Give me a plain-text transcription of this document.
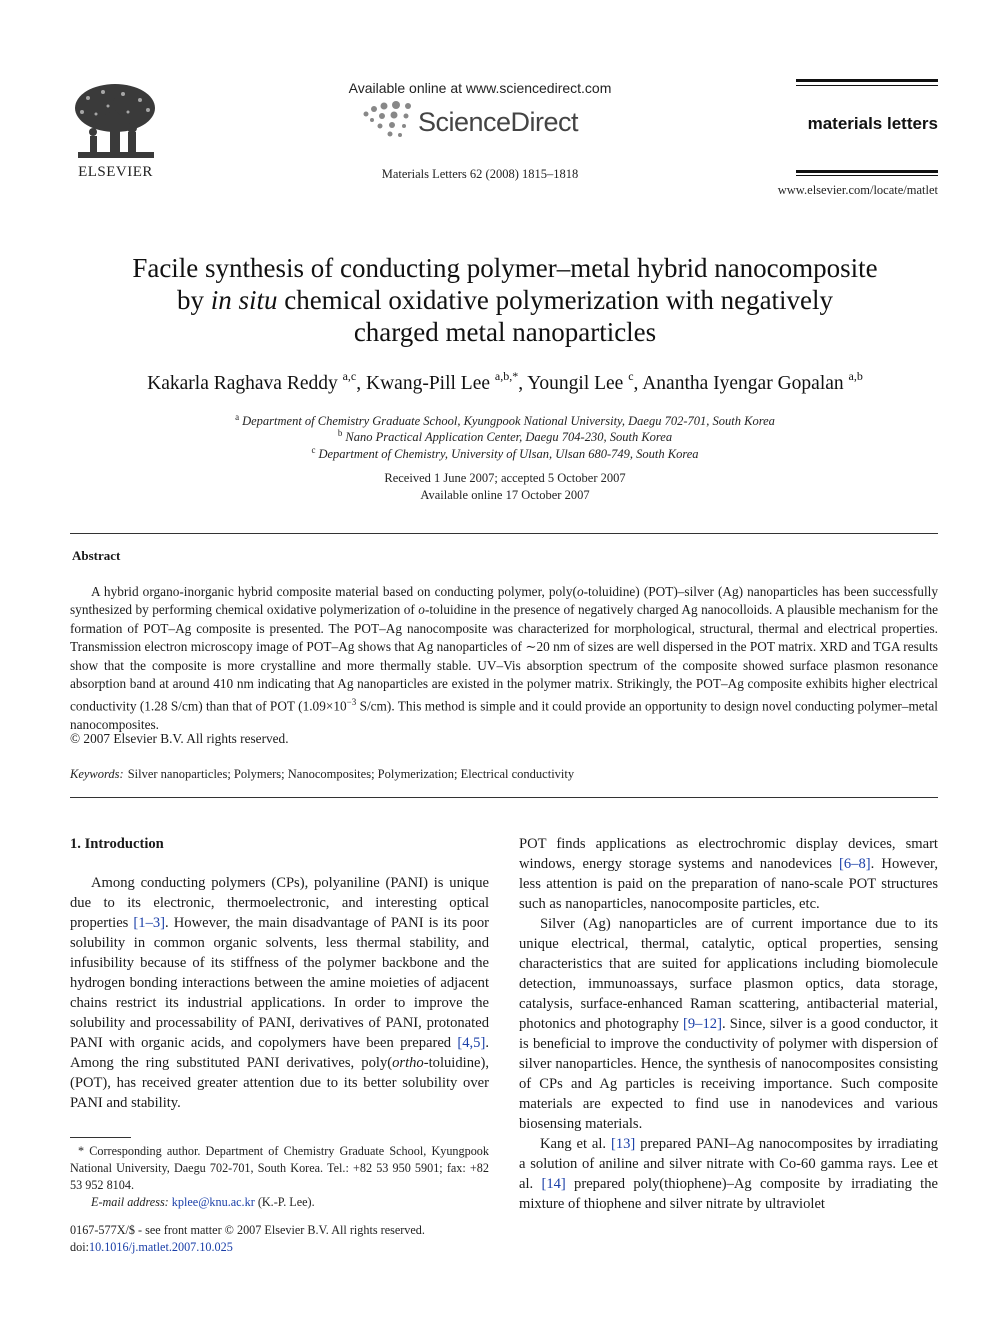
ELSEVIER
Available online at www.sciencedirect.com
ScienceDirect
Materials Letters 62 (2008) 1815–1818
materials letters
www.elsevier.com/locate/matlet
Facile synthesis of conducting polymer–metal hybrid nanocomposite
by in situ chemical oxidative polymerization with negatively
charged metal nanoparticles
Kakarla Raghava Reddy $^{a,c}$, Kwang-Pill Lee $^{a,b,*}$, Youngil Lee $^c$, Anantha Iyengar Gopalan $^{a,b}$
$^a$ Department of Chemistry Graduate School, Kyungpook National University, Daegu 702-701, South Korea
$^b$ Nano Practical Application Center, Daegu 704-230, South Korea
$^c$ Department of Chemistry, University of Ulsan, Ulsan 680-749, South Korea
Received 1 June 2007; accepted 5 October 2007
Available online 17 October 2007
Abstract
A hybrid organo-inorganic hybrid composite material based on conducting polymer, poly(o-toluidine) (POT)–silver (Ag) nanoparticles has been successfully synthesized by performing chemical oxidative polymerization of o-toluidine in the presence of negatively charged Ag nanocolloids. A plausible mechanism for the formation of POT–Ag composite is presented. The POT–Ag nanocomposite was characterized for morphological, structural, thermal and electrical properties. Transmission electron microscopy image of POT–Ag shows that Ag nanoparticles of ∼20 nm of sizes are well dispersed in the POT matrix. XRD and TGA results show that the composite is more crystalline and more thermally stable. UV–Vis absorption spectrum of the composite showed surface plasmon resonance absorption band at around 410 nm indicating that Ag nanoparticles are existed in the polymer matrix. Strikingly, the POT–Ag composite exhibits higher electrical conductivity (1.28 S/cm) than that of POT ($1.09\times 10^{-3}$ S/cm). This method is simple and it could provide an opportunity to design novel conducting polymer–metal nanocomposites.
© 2007 Elsevier B.V. All rights reserved.
Keywords: Silver nanoparticles; Polymers; Nanocomposites; Polymerization; Electrical conductivity
1. Introduction

Among conducting polymers (CPs), polyaniline (PANI) is unique due to its electronic, thermoelectronic, and interesting optical properties [1–3]. However, the main disadvantage of PANI is its poor solubility in common organic solvents, less thermal stability, and infusibility because of its stiffness of the polymer backbone and the hydrogen bonding interactions between the amine moieties of adjacent chains restrict its industrial applications. In order to improve the solubility and processability of PANI, derivatives of PANI, protonated PANI with organic acids, and copolymers have been prepared [4,5]. Among the ring substituted PANI derivatives, poly(ortho-toluidine), (POT), has received greater attention due to its better solubility over PANI and stability.

POT finds applications as electrochromic display devices, smart windows, energy storage systems and nanodevices [6–8]. However, less attention is paid on the preparation of nano-scale POT structures such as nanoparticles, nanocomposite particles, etc.

Silver (Ag) nanoparticles are of current importance due to its unique electrical, thermal, catalytic, optical properties, sensing characteristics that are suited for applications including biomolecule detection, immunoassays, surface plasmon optics, data storage, catalysis, surface-enhanced Raman scattering, antibacterial material, photonics and photography [9–12]. Since, silver is a good conductor, it is beneficial to improve the conductivity of polymer with dispersion of silver nanoparticles. Hence, the synthesis of nanocomposites consisting of CPs and Ag particles is receiving importance. Such composite materials are expected to find use in nanodevices and various biosensing materials.

Kang et al. [13] prepared PANI–Ag nanocomposites by irradiating a solution of aniline and silver nitrate with Co-60 gamma rays. Lee et al. [14] prepared poly(thiophene)–Ag composite by irradiating the mixture of thiophene and silver nitrate by ultraviolet

* Corresponding author. Department of Chemistry Graduate School, Kyungpook National University, Daegu 702-701, South Korea. Tel.: +82 53 950 5901; fax: +82 53 952 8104.
E-mail address: kplee@knu.ac.kr (K.-P. Lee).
0167-577X/$ - see front matter © 2007 Elsevier B.V. All rights reserved.
doi:10.1016/j.matlet.2007.10.025
